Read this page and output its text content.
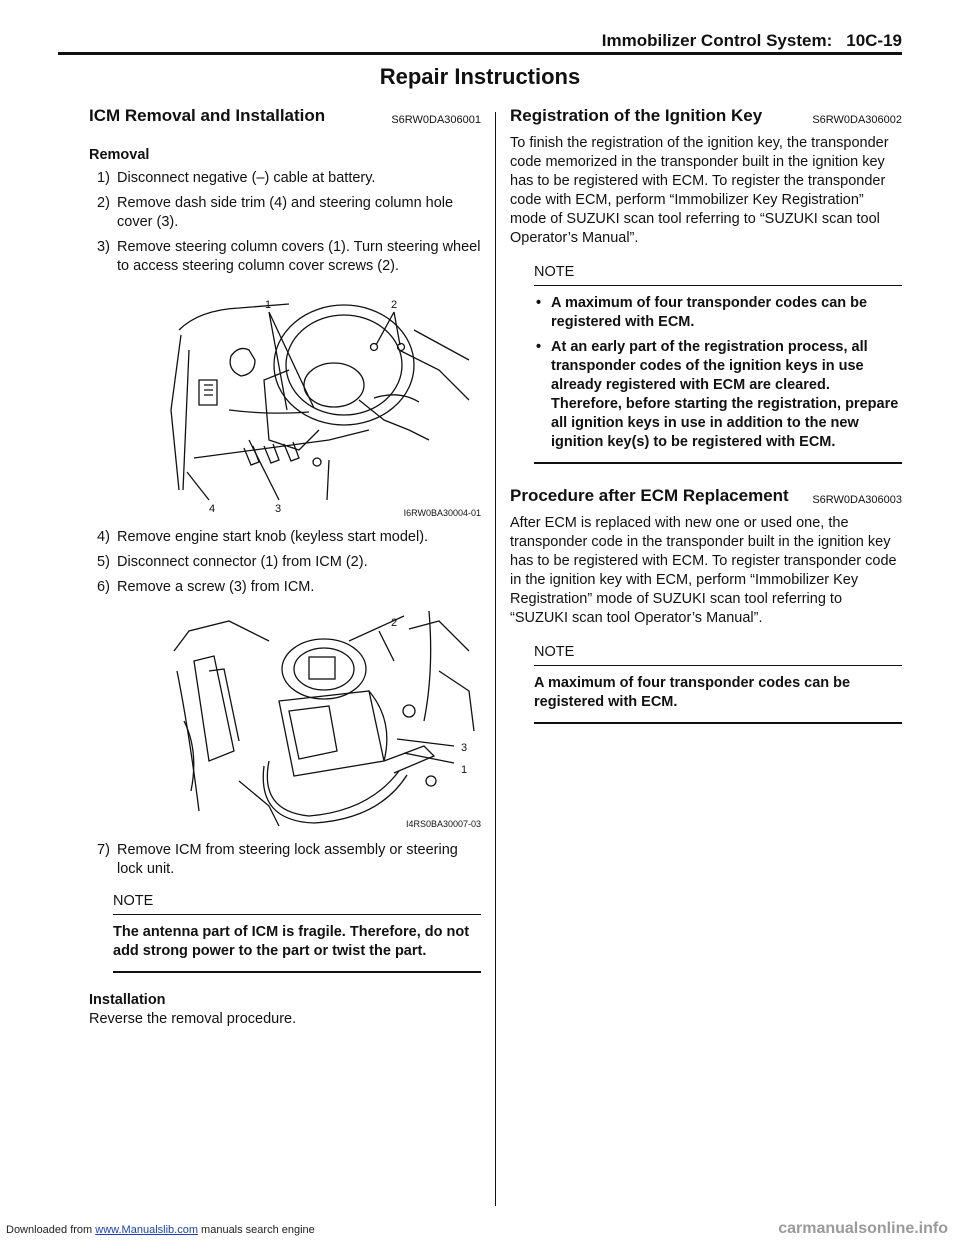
Immobilizer Control System: 10C-19
Repair Instructions
ICM Removal and Installation	S6RW0DA306001

Removal

1) Disconnect negative (–) cable at battery.
2) Remove dash side trim (4) and steering column hole cover (3).
3) Remove steering column covers (1). Turn steering wheel to access steering column cover screws (2).
1	2
4	3	I6RW0BA30004-01
4) Remove engine start knob (keyless start model).
5) Disconnect connector (1) from ICM (2).
6) Remove a screw (3) from ICM.
2
3
1
I4RS0BA30007-03
7) Remove ICM from steering lock assembly or steering lock unit.
NOTE
The antenna part of ICM is fragile. Therefore, do not add strong power to the part or twist the part.

Installation

Reverse the removal procedure.

Registration of the Ignition Key	S6RW0DA306002

To finish the registration of the ignition key, the transponder code memorized in the transponder built in the ignition key has to be registered with ECM. To register the transponder code with ECM, perform “Immobilizer Key Registration” mode of SUZUKI scan tool referring to “SUZUKI scan tool Operator’s Manual”.

NOTE
• A maximum of four transponder codes can be registered with ECM.
• At an early part of the registration process, all transponder codes of the ignition keys in use already registered with ECM are cleared. Therefore, before starting the registration, prepare all ignition keys in use in addition to the new ignition key(s) to be registered with ECM.
Procedure after ECM Replacement S6RW0DA306003

After ECM is replaced with new one or used one, the transponder code in the transponder built in the ignition key has to be registered with ECM. To register transponder code in the ignition key with ECM, perform “Immobilizer Key Registration” mode of SUZUKI scan tool referring to “SUZUKI scan tool Operator’s Manual”.

NOTE
A maximum of four transponder codes can be registered with ECM.
Downloaded from www.Manualslib.com manuals search engine	carmanualsonline.info
